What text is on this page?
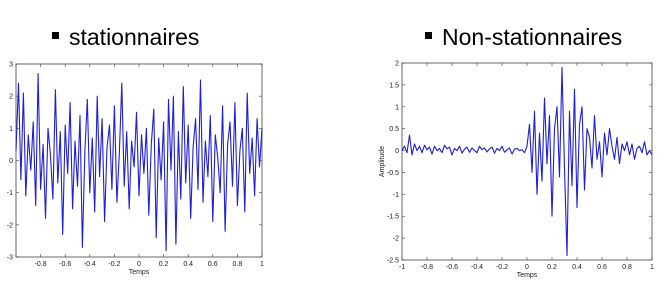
stationnaires	Non-stationnaires
-0.8 -0.6 -0.4 -0.2 0	0.2 0.4 0.6 0.8	1
-3
-2
-1
0
1
2
3
Temps
-1 -0.8 -0.6 -0.4 -0.2 0	0.2 0.4 0.6 0.8	1
-2.5
-2
-1.5
-1
-0.5
0
0.5
1
1.5
2
Temps
Amplitude
